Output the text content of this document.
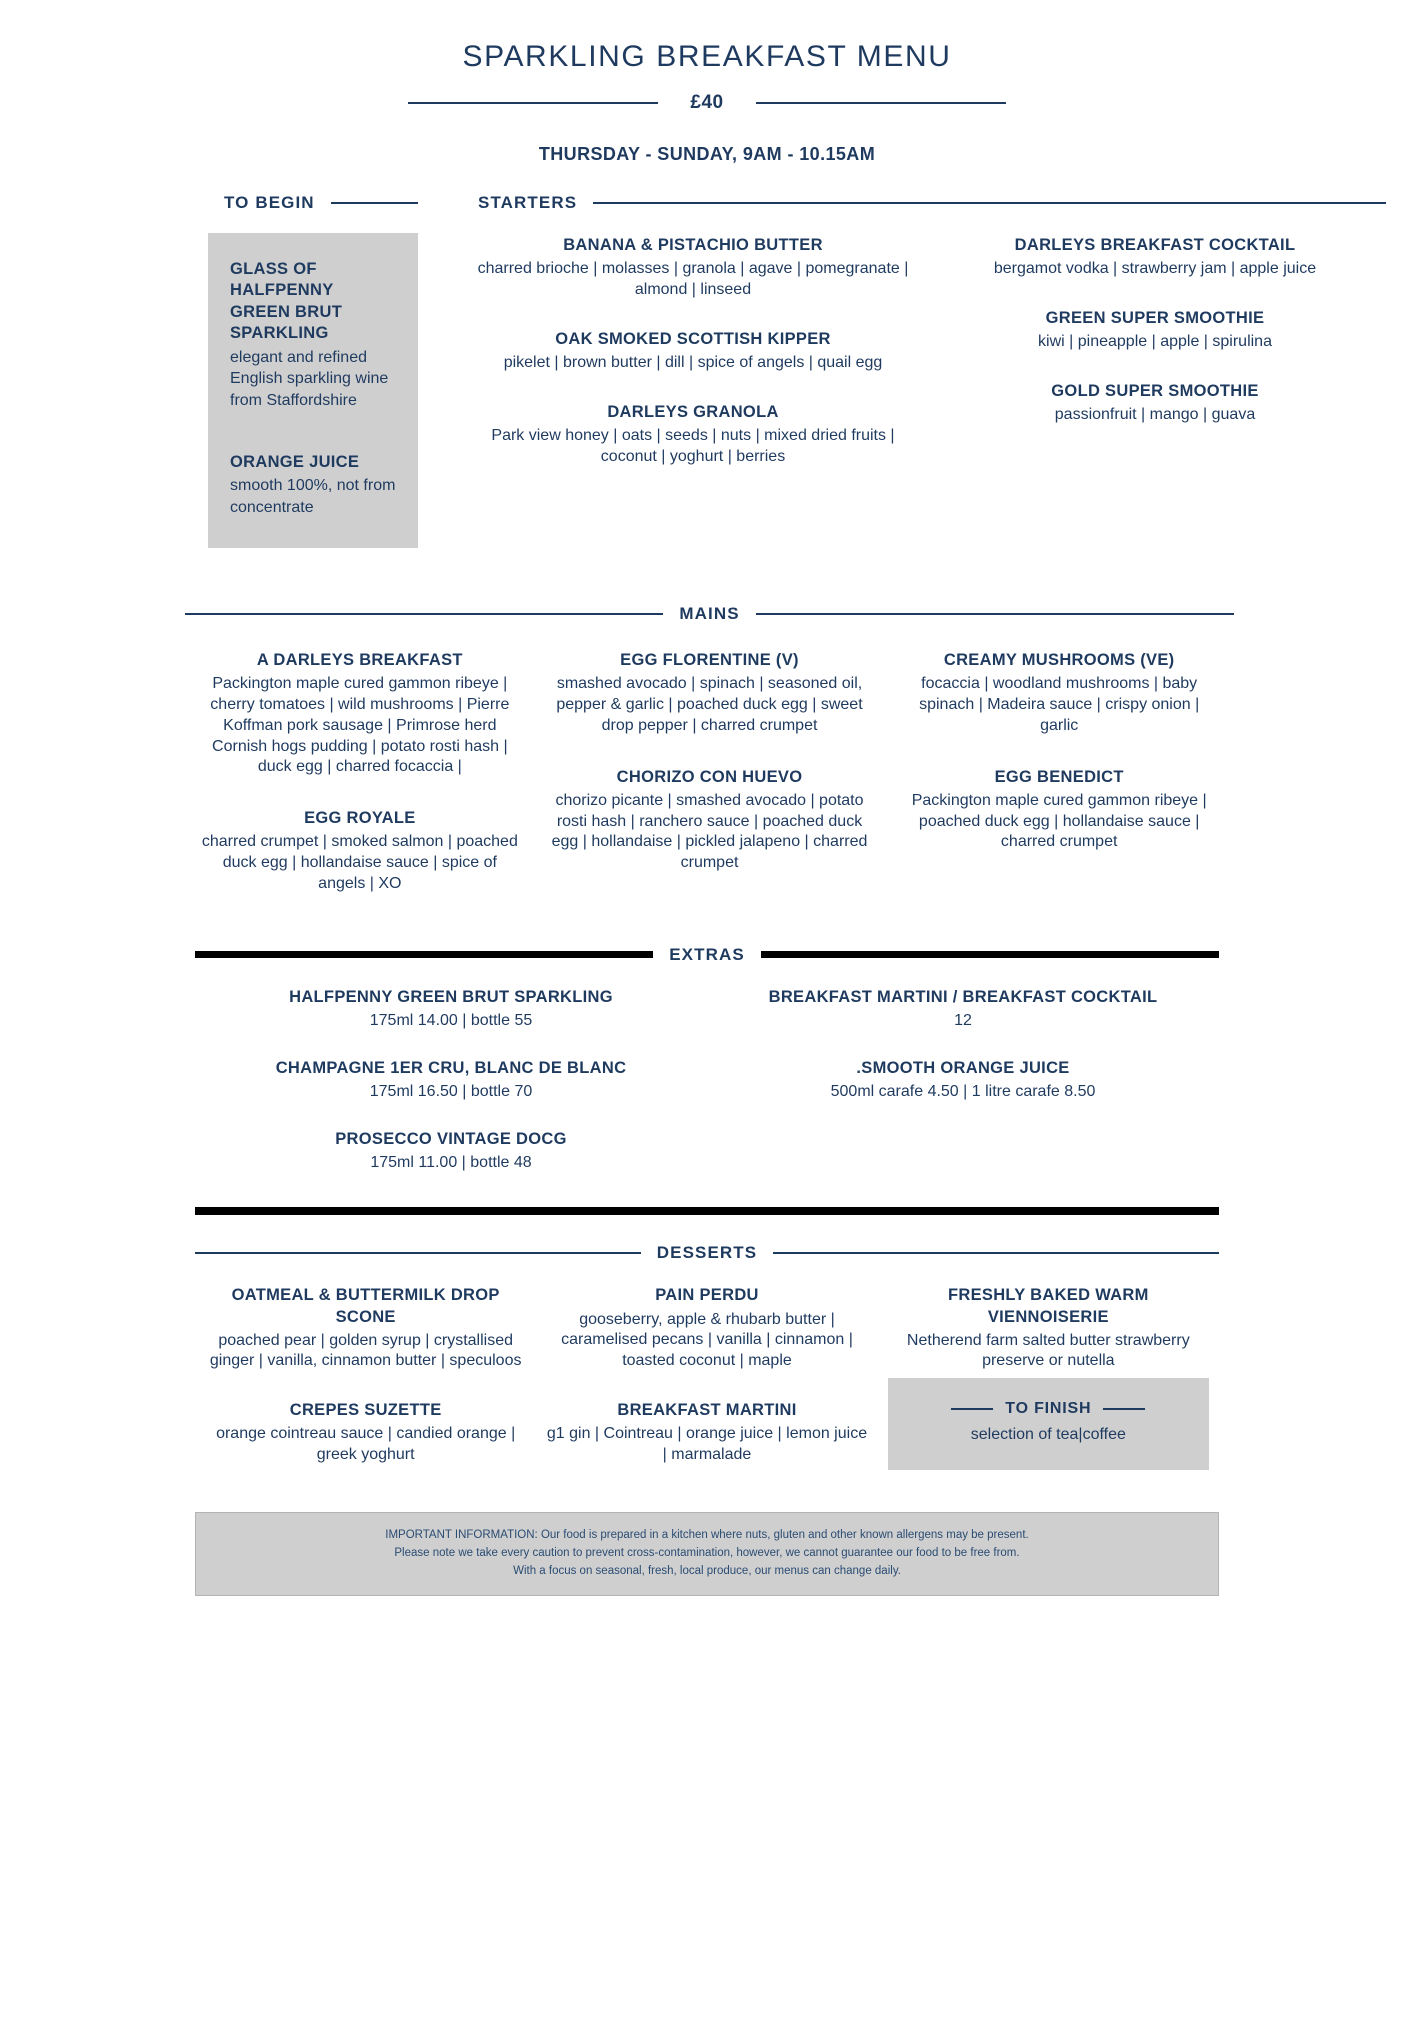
SPARKLING BREAKFAST MENU
£40
THURSDAY - SUNDAY, 9AM - 10.15AM
TO BEGIN
GLASS OF HALFPENNY GREEN BRUT SPARKLING
elegant and refined English sparkling wine from Staffordshire
ORANGE JUICE
smooth 100%, not from concentrate
STARTERS
BANANA & PISTACHIO BUTTER
charred brioche | molasses | granola | agave | pomegranate | almond | linseed
OAK SMOKED SCOTTISH KIPPER
pikelet | brown butter | dill | spice of angels | quail egg
DARLEYS GRANOLA
Park view honey | oats | seeds | nuts | mixed dried fruits | coconut | yoghurt | berries
DARLEYS BREAKFAST COCKTAIL
bergamot vodka | strawberry jam | apple juice
GREEN SUPER SMOOTHIE
kiwi | pineapple | apple | spirulina
GOLD SUPER SMOOTHIE
passionfruit | mango | guava
MAINS
A DARLEYS BREAKFAST
Packington maple cured gammon ribeye | cherry tomatoes | wild mushrooms | Pierre Koffman pork sausage | Primrose herd Cornish hogs pudding | potato rosti hash | duck egg | charred focaccia |
EGG ROYALE
charred crumpet | smoked salmon | poached duck egg | hollandaise sauce | spice of angels | XO
EGG FLORENTINE (V)
smashed avocado | spinach | seasoned oil, pepper & garlic | poached duck egg | sweet drop pepper | charred crumpet
CHORIZO CON HUEVO
chorizo picante | smashed avocado | potato rosti hash | ranchero sauce | poached duck egg | hollandaise | pickled jalapeno | charred crumpet
CREAMY MUSHROOMS (VE)
focaccia | woodland mushrooms | baby spinach | Madeira sauce | crispy onion | garlic
EGG BENEDICT
Packington maple cured gammon ribeye | poached duck egg | hollandaise sauce | charred crumpet
EXTRAS
HALFPENNY GREEN BRUT SPARKLING
175ml 14.00 | bottle 55
CHAMPAGNE 1ER CRU, BLANC DE BLANC
175ml 16.50 | bottle 70
PROSECCO VINTAGE DOCG
175ml 11.00 | bottle 48
BREAKFAST MARTINI / BREAKFAST COCKTAIL
12
.SMOOTH ORANGE JUICE
500ml carafe 4.50 | 1 litre carafe 8.50
DESSERTS
OATMEAL & BUTTERMILK DROP SCONE
poached pear | golden syrup | crystallised ginger | vanilla, cinnamon butter | speculoos
CREPES SUZETTE
orange cointreau sauce | candied orange | greek yoghurt
PAIN PERDU
gooseberry, apple & rhubarb butter | caramelised pecans | vanilla | cinnamon | toasted coconut | maple
BREAKFAST MARTINI
g1 gin | Cointreau | orange juice | lemon juice | marmalade
FRESHLY BAKED WARM VIENNOISERIE
Netherend farm salted butter strawberry preserve or nutella
TO FINISH
selection of tea|coffee
IMPORTANT INFORMATION: Our food is prepared in a kitchen where nuts, gluten and other known allergens may be present.
Please note we take every caution to prevent cross-contamination, however, we cannot guarantee our food to be free from.
With a focus on seasonal, fresh, local produce, our menus can change daily.
